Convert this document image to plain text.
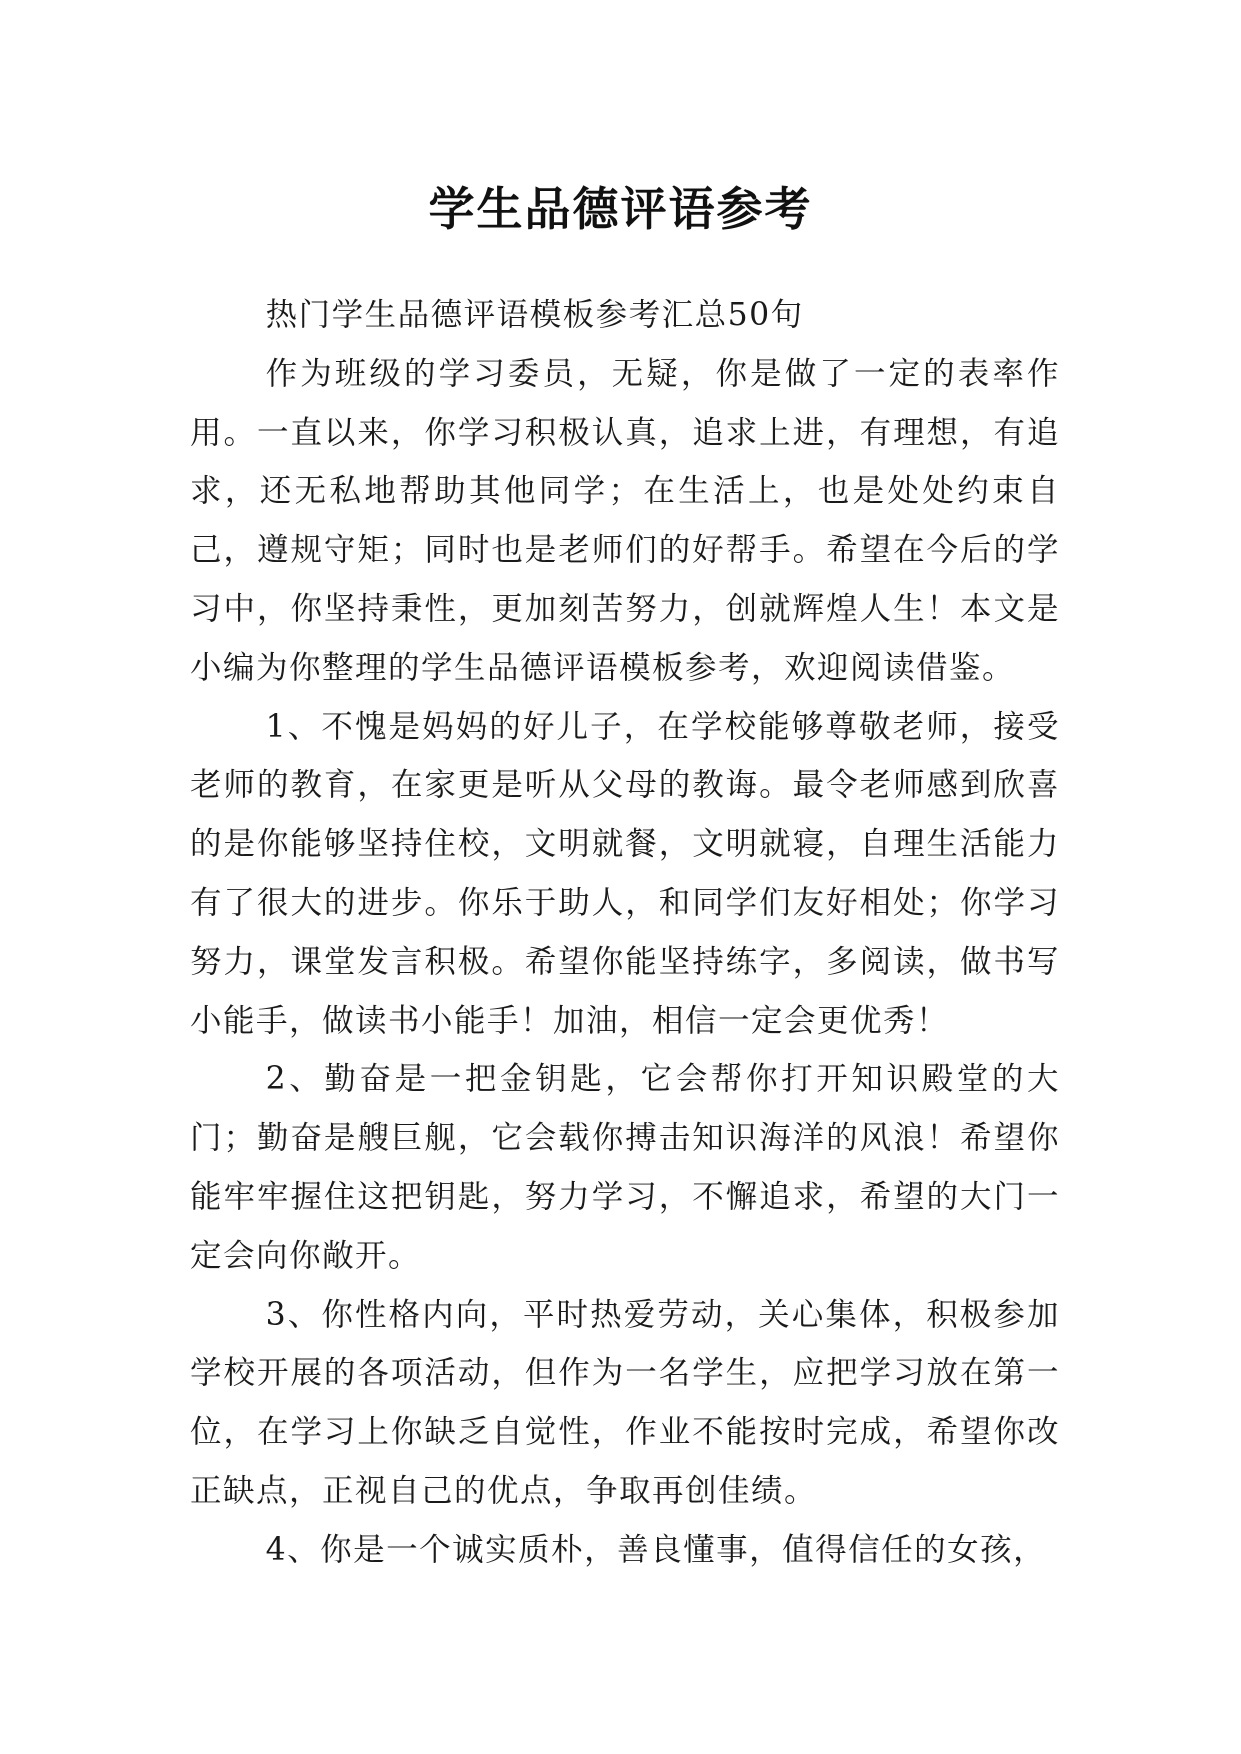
学生品德评语参考

热门学生品德评语模板参考汇总50句

作为班级的学习委员，无疑，你是做了一定的表率作用。一直以来，你学习积极认真，追求上进，有理想，有追求，还无私地帮助其他同学；在生活上，也是处处约束自己，遵规守矩；同时也是老师们的好帮手。希望在今后的学习中，你坚持秉性，更加刻苦努力，创就辉煌人生！本文是小编为你整理的学生品德评语模板参考，欢迎阅读借鉴。

1、不愧是妈妈的好儿子，在学校能够尊敬老师，接受老师的教育，在家更是听从父母的教诲。最令老师感到欣喜的是你能够坚持住校，文明就餐，文明就寝，自理生活能力有了很大的进步。你乐于助人，和同学们友好相处；你学习努力，课堂发言积极。希望你能坚持练字，多阅读，做书写小能手，做读书小能手！加油，相信一定会更优秀！

2、勤奋是一把金钥匙，它会帮你打开知识殿堂的大门；勤奋是艘巨舰，它会载你搏击知识海洋的风浪！希望你能牢牢握住这把钥匙，努力学习，不懈追求，希望的大门一定会向你敞开。

3、你性格内向，平时热爱劳动，关心集体，积极参加学校开展的各项活动，但作为一名学生，应把学习放在第一位，在学习上你缺乏自觉性，作业不能按时完成，希望你改正缺点，正视自己的优点，争取再创佳绩。

4、你是一个诚实质朴，善良懂事，值得信任的女孩，
